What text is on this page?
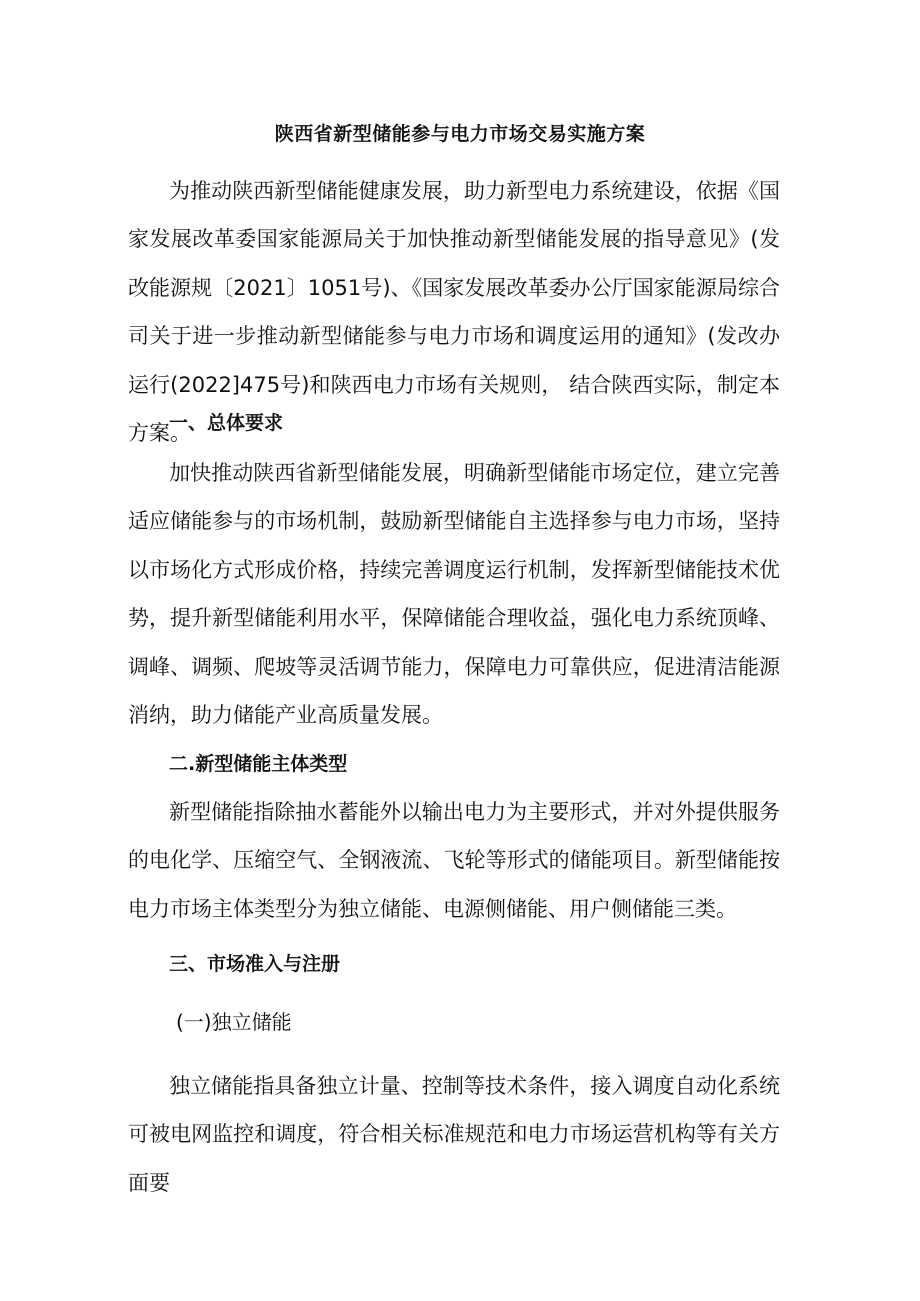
陕西省新型储能参与电力市场交易实施方案

为推动陕西新型储能健康发展，助力新型电力系统建设，依据《国家发展改革委国家能源局关于加快推动新型储能发展的指导意见》(发改能源规〔2021〕1051号)、《国家发展改革委办公厅国家能源局综合司关于进一步推动新型储能参与电力市场和调度运用的通知》(发改办运行(2022]475号)和陕西电力市场有关规则， 结合陕西实际，制定本方案。

一、总体要求

加快推动陕西省新型储能发展，明确新型储能市场定位，建立完善适应储能参与的市场机制，鼓励新型储能自主选择参与电力市场，坚持以市场化方式形成价格，持续完善调度运行机制，发挥新型储能技术优势，提升新型储能利用水平，保障储能合理收益，强化电力系统顶峰、调峰、调频、爬坡等灵活调节能力，保障电力可靠供应，促进清洁能源消纳，助力储能产业高质量发展。

二.新型储能主体类型

新型储能指除抽水蓄能外以输出电力为主要形式，并对外提供服务的电化学、压缩空气、全钢液流、飞轮等形式的储能项目。新型储能按电力市场主体类型分为独立储能、电源侧储能、用户侧储能三类。

三、市场准入与注册

(一)独立储能

独立储能指具备独立计量、控制等技术条件，接入调度自动化系统可被电网监控和调度，符合相关标准规范和电力市场运营机构等有关方面要
